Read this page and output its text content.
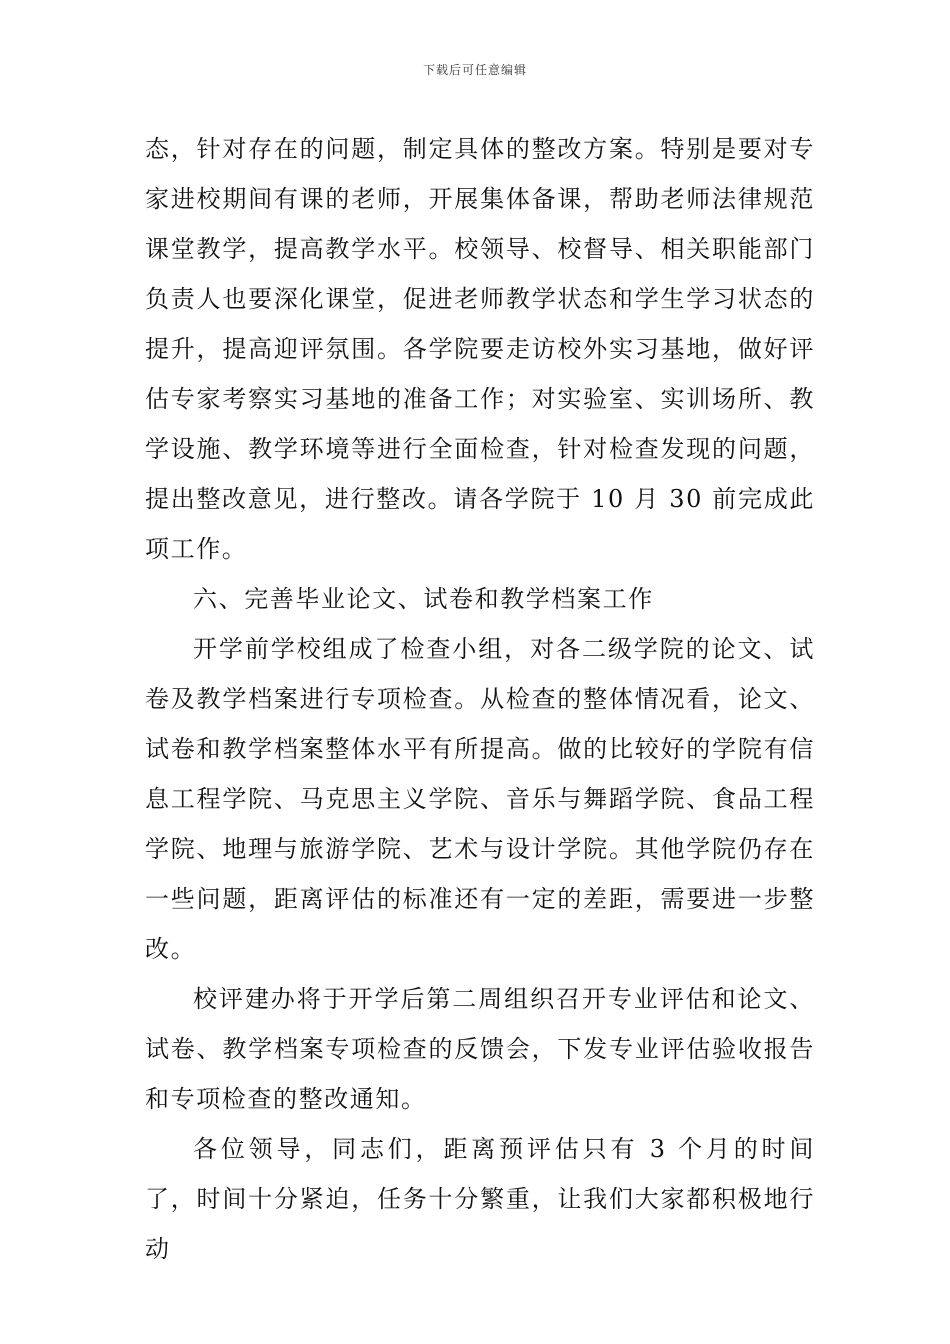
下载后可任意编辑

态，针对存在的问题，制定具体的整改方案。特别是要对专家进校期间有课的老师，开展集体备课，帮助老师法律规范课堂教学，提高教学水平。校领导、校督导、相关职能部门负责人也要深化课堂，促进老师教学状态和学生学习状态的提升，提高迎评氛围。各学院要走访校外实习基地，做好评估专家考察实习基地的准备工作；对实验室、实训场所、教学设施、教学环境等进行全面检查，针对检查发现的问题，提出整改意见，进行整改。请各学院于 10 月 30 前完成此项工作。

六、完善毕业论文、试卷和教学档案工作

开学前学校组成了检查小组，对各二级学院的论文、试卷及教学档案进行专项检查。从检查的整体情况看，论文、试卷和教学档案整体水平有所提高。做的比较好的学院有信息工程学院、马克思主义学院、音乐与舞蹈学院、食品工程学院、地理与旅游学院、艺术与设计学院。其他学院仍存在一些问题，距离评估的标准还有一定的差距，需要进一步整改。

校评建办将于开学后第二周组织召开专业评估和论文、试卷、教学档案专项检查的反馈会，下发专业评估验收报告和专项检查的整改通知。

各位领导，同志们，距离预评估只有 3 个月的时间了，时间十分紧迫，任务十分繁重，让我们大家都积极地行动
